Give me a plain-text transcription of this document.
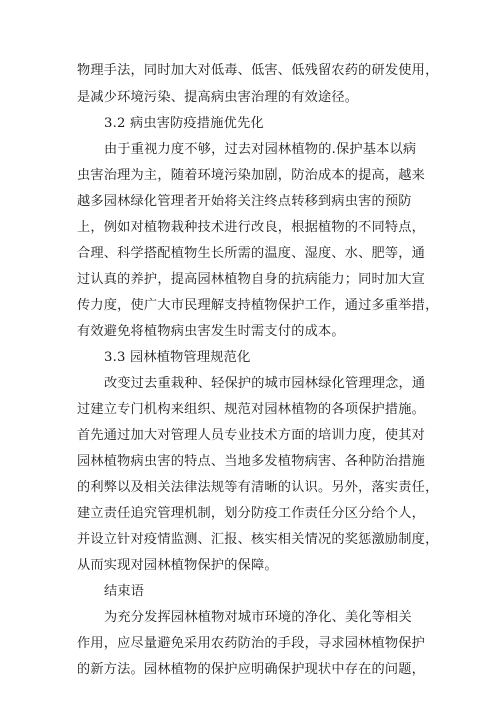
物理手法，同时加大对低毒、低害、低残留农药的研发使用，
是减少环境污染、提高病虫害治理的有效途径。
3.2 病虫害防疫措施优先化
由于重视力度不够，过去对园林植物的.保护基本以病
虫害治理为主，随着环境污染加剧，防治成本的提高，越来
越多园林绿化管理者开始将关注终点转移到病虫害的预防
上，例如对植物栽种技术进行改良，根据植物的不同特点，
合理、科学搭配植物生长所需的温度、湿度、水、肥等，通
过认真的养护，提高园林植物自身的抗病能力；同时加大宣
传力度，使广大市民理解支持植物保护工作，通过多重举措，
有效避免将植物病虫害发生时需支付的成本。
3.3 园林植物管理规范化
改变过去重栽种、轻保护的城市园林绿化管理理念，通
过建立专门机构来组织、规范对园林植物的各项保护措施。
首先通过加大对管理人员专业技术方面的培训力度，使其对
园林植物病虫害的特点、当地多发植物病害、各种防治措施
的利弊以及相关法律法规等有清晰的认识。另外，落实责任，
建立责任追究管理机制，划分防疫工作责任分区分给个人，
并设立针对疫情监测、汇报、核实相关情况的奖惩激励制度，
从而实现对园林植物保护的保障。
结束语
为充分发挥园林植物对城市环境的净化、美化等相关
作用，应尽量避免采用农药防治的手段，寻求园林植物保护
的新方法。园林植物的保护应明确保护现状中存在的问题，
